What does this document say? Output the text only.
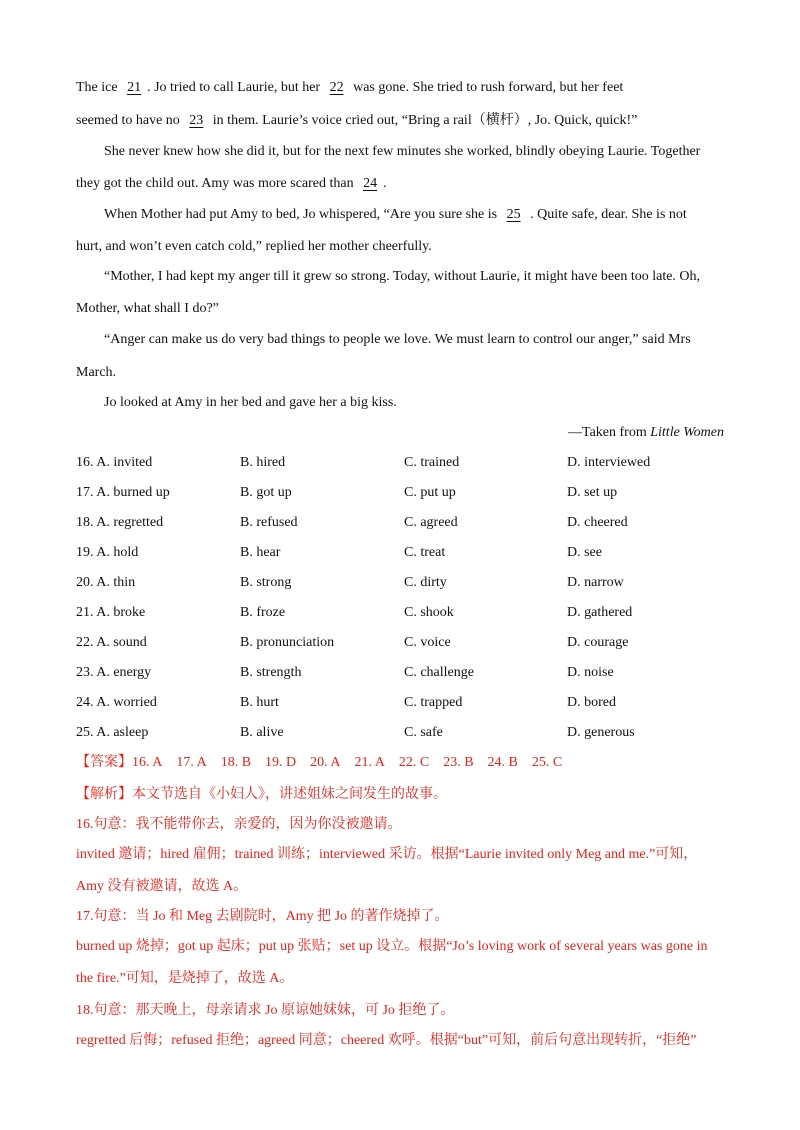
The ice 21 . Jo tried to call Laurie, but her 22 was gone. She tried to rush forward, but her feet
seemed to have no 23 in them. Laurie’s voice cried out, “Bring a rail（横杆）, Jo. Quick, quick!”
She never knew how she did it, but for the next few minutes she worked, blindly obeying Laurie. Together
they got the child out. Amy was more scared than 24 .
When Mother had put Amy to bed, Jo whispered, “Are you sure she is 25 . Quite safe, dear. She is not
hurt, and won’t even catch cold,” replied her mother cheerfully.
“Mother, I had kept my anger till it grew so strong. Today, without Laurie, it might have been too late. Oh,
Mother, what shall I do?”
“Anger can make us do very bad things to people we love. We must learn to control our anger,” said Mrs
March.
Jo looked at Amy in her bed and gave her a big kiss.
—Taken from Little Women
16. A. invited	B. hired	C. trained	D. interviewed
17. A. burned up	B. got up	C. put up	D. set up
18. A. regretted	B. refused	C. agreed	D. cheered
19. A. hold	B. hear	C. treat	D. see
20. A. thin	B. strong	C. dirty	D. narrow
21. A. broke	B. froze	C. shook	D. gathered
22. A. sound	B. pronunciation	C. voice	D. courage
23. A. energy	B. strength	C. challenge	D. noise
24. A. worried	B. hurt	C. trapped	D. bored
25. A. asleep	B. alive	C. safe	D. generous
【答案】16. A 17. A 18. B 19. D 20. A 21. A 22. C 23. B 24. B 25. C
【解析】本文节选自《小妇人》，讲述姐妹之间发生的故事。
16.句意：我不能带你去，亲爱的，因为你没被邀请。
invited 邀请；hired 雇佣；trained 训练；interviewed 采访。根据“Laurie invited only Meg and me.”可知，
Amy 没有被邀请，故选 A。
17.句意：当 Jo 和 Meg 去剧院时，Amy 把 Jo 的著作烧掉了。
burned up 烧掉；got up 起床；put up 张贴；set up 设立。根据“Jo’s loving work of several years was gone in
the fire.”可知，是烧掉了，故选 A。
18.句意：那天晚上，母亲请求 Jo 原谅她妹妹，可 Jo 拒绝了。
regretted 后悔；refused 拒绝；agreed 同意；cheered 欢呼。根据“but”可知，前后句意出现转折，“拒绝”
